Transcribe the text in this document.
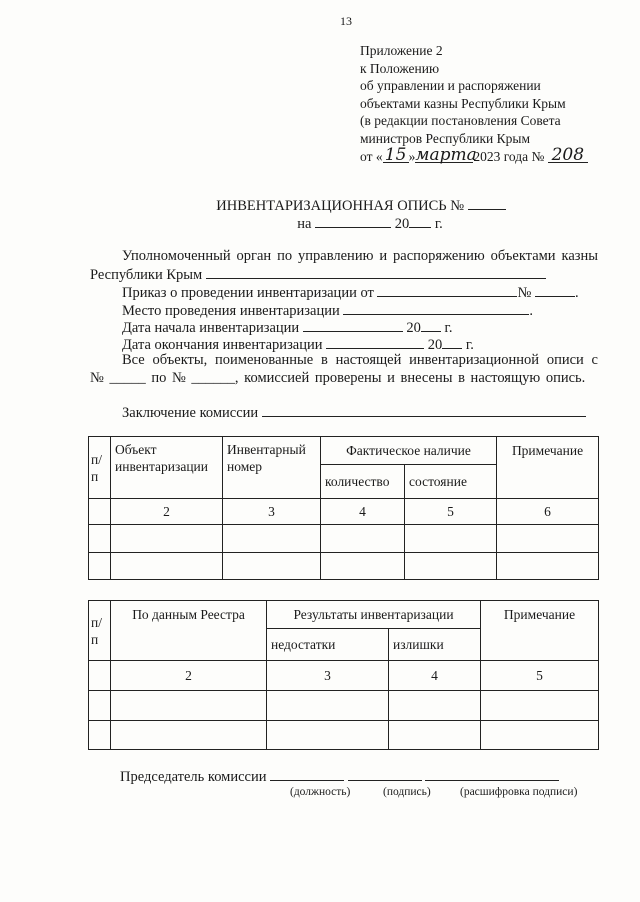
13
Приложение 2
к Положению
об управлении и распоряжении
объектами казны Республики Крым
(в редакции постановления Совета
министров Республики Крым
от « 15 »марта2023 года № 208
ИНВЕНТАРИЗАЦИОННАЯ ОПИСЬ №
на	20 г.
Уполномоченный орган по управлению и распоряжению объектами казны Республики Крым
Приказ о проведении инвентаризации от	№	.
Место проведения инвентаризации	.
Дата начала инвентаризации	20 г.
Дата окончания инвентаризации	20 г.
Все объекты, поименованные в настоящей инвентаризационной описи с № _____ по № ______, комиссией проверены и внесены в настоящую опись.
Заключение комиссии
п/п	Объект инвентаризации	Инвентарный номер	Фактическое наличие		Примечание
			количество	состояние	
	2	3	4	5	6

п/п	По данным Реестра	Результаты инвентаризации		Примечание
		недостатки	излишки	
	2	3	4	5

Председатель комиссии
(должность)	(подпись)	(расшифровка подписи)
